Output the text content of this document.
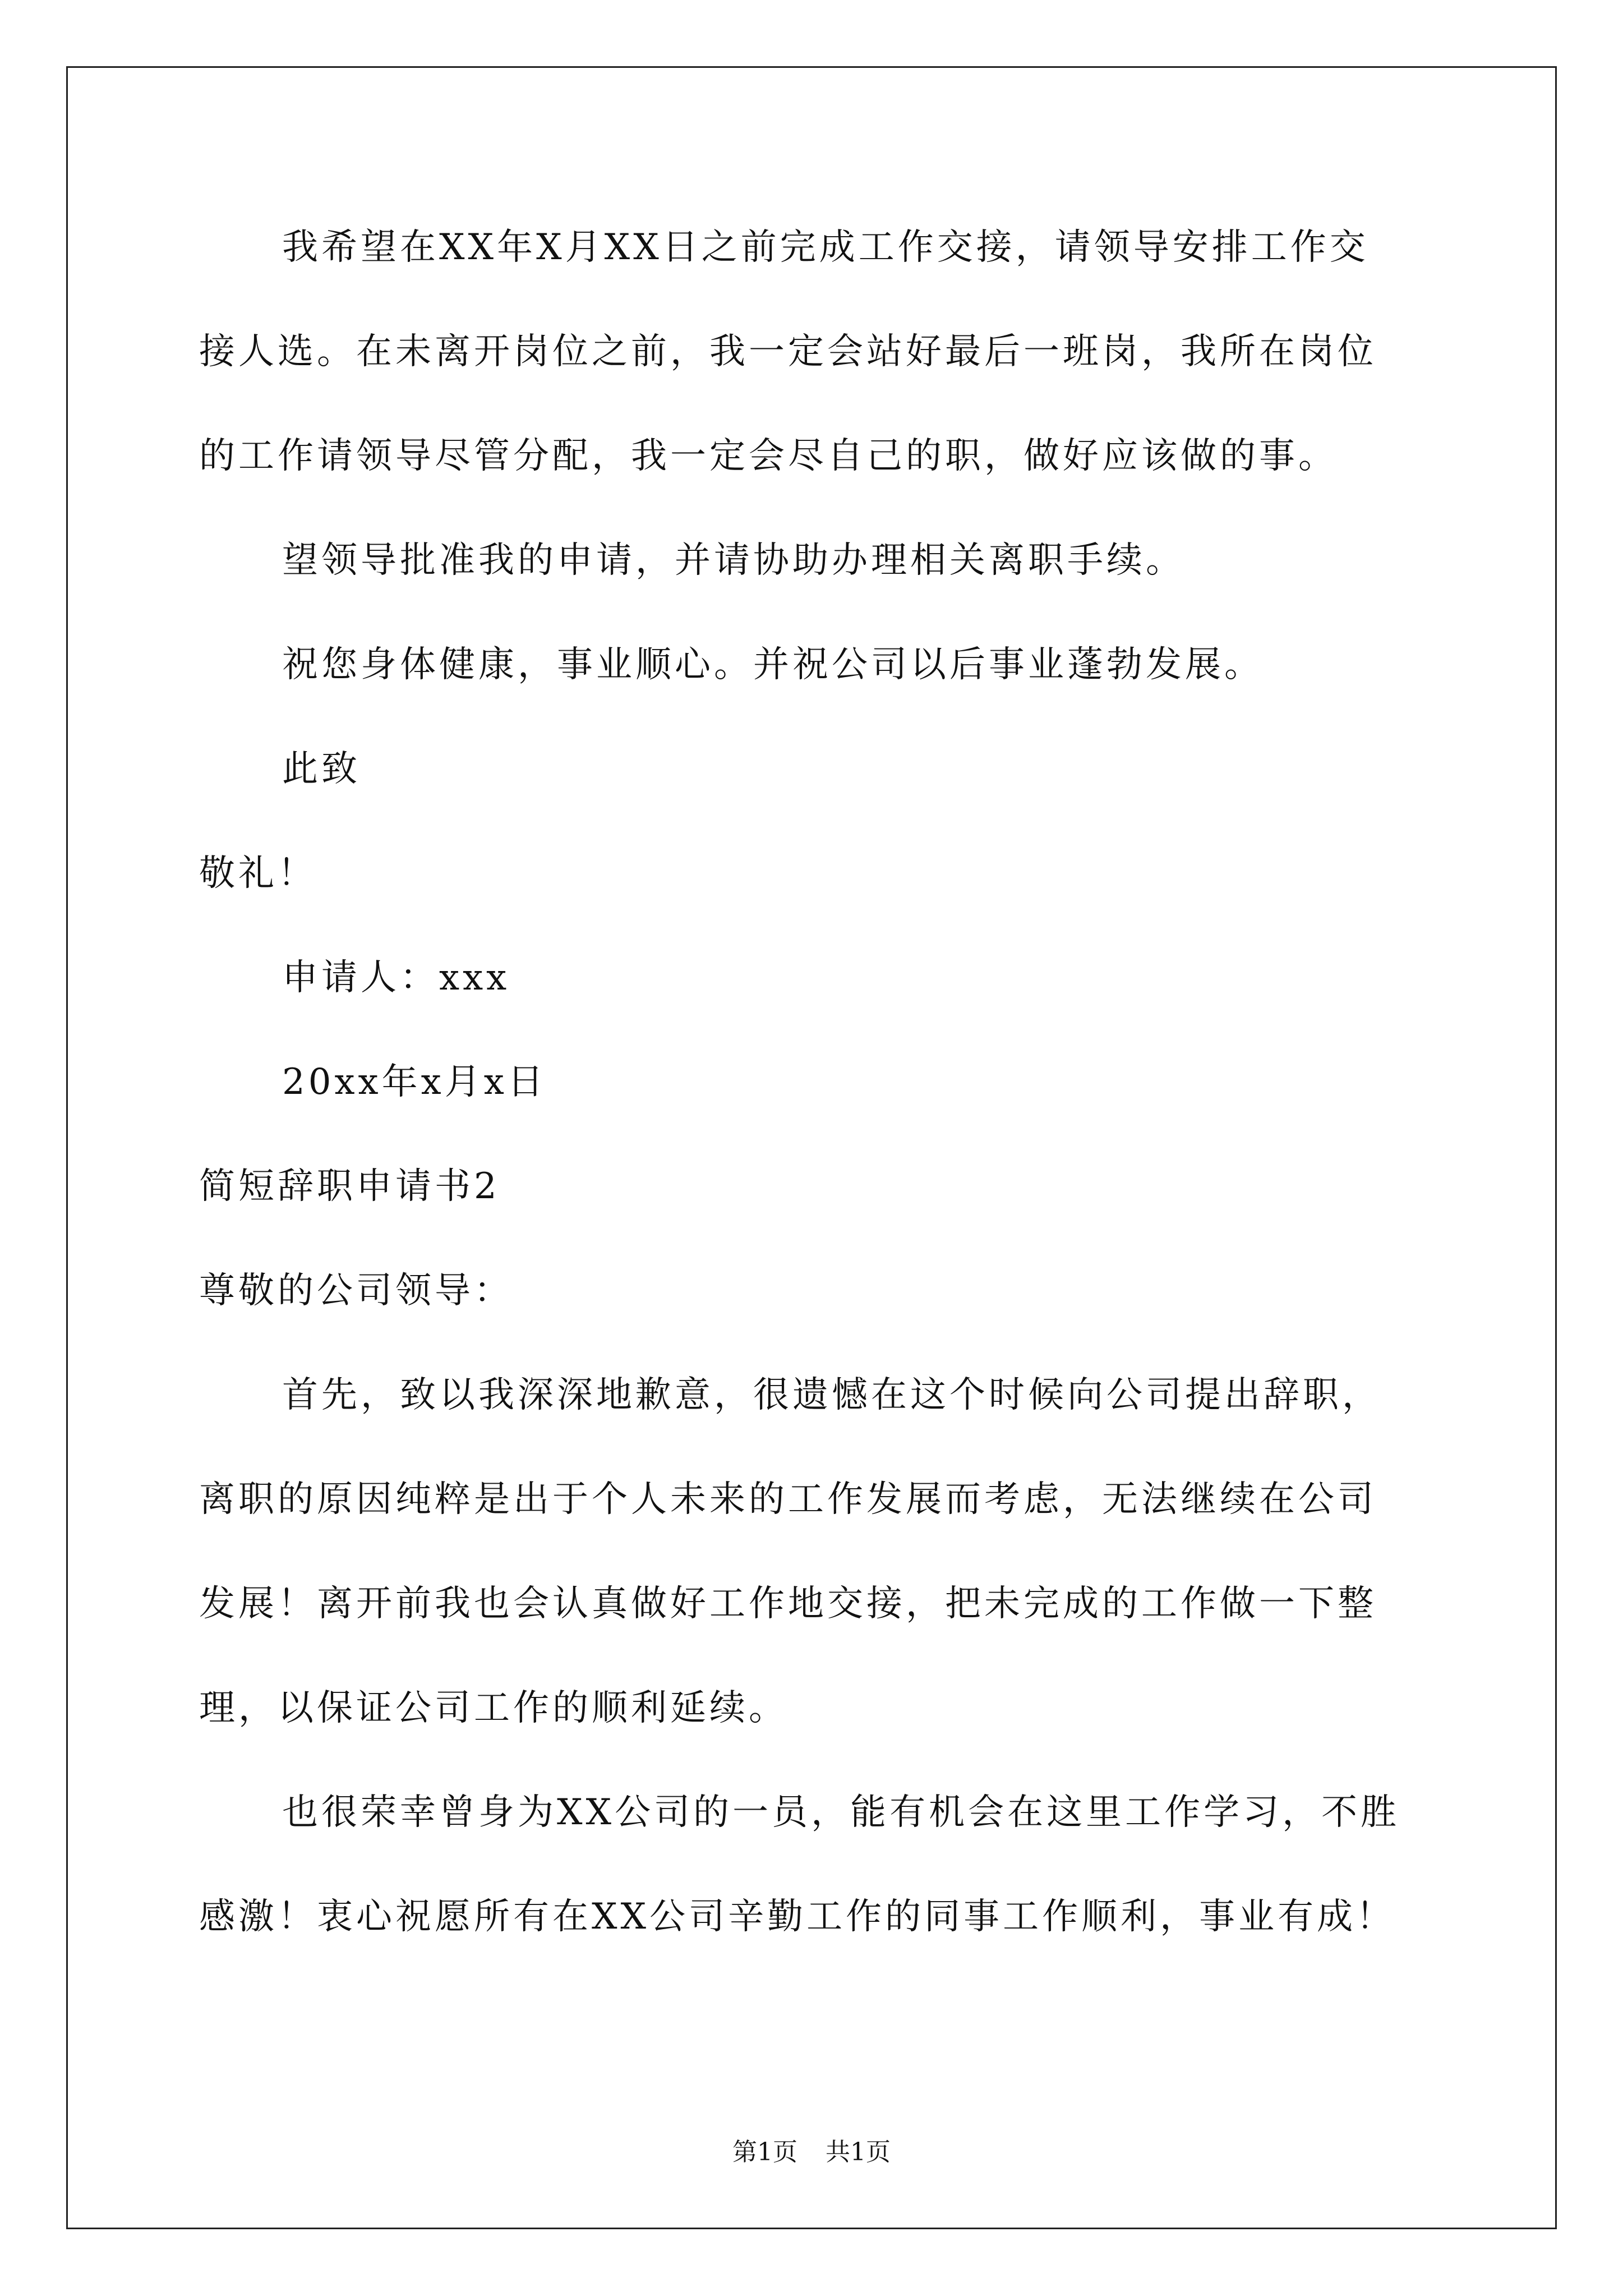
我希望在XX年X月XX日之前完成工作交接，请领导安排工作交
接人选。在未离开岗位之前，我一定会站好最后一班岗，我所在岗位
的工作请领导尽管分配，我一定会尽自己的职，做好应该做的事。
望领导批准我的申请，并请协助办理相关离职手续。
祝您身体健康，事业顺心。并祝公司以后事业蓬勃发展。
此致
敬礼！
申请人：xxx
20xx年x月x日
简短辞职申请书2
尊敬的公司领导：
首先，致以我深深地歉意，很遗憾在这个时候向公司提出辞职，
离职的原因纯粹是出于个人未来的工作发展而考虑，无法继续在公司
发展！离开前我也会认真做好工作地交接，把未完成的工作做一下整
理，以保证公司工作的顺利延续。
也很荣幸曾身为XX公司的一员，能有机会在这里工作学习，不胜
感激！衷心祝愿所有在XX公司辛勤工作的同事工作顺利，事业有成！
第1页 共1页
